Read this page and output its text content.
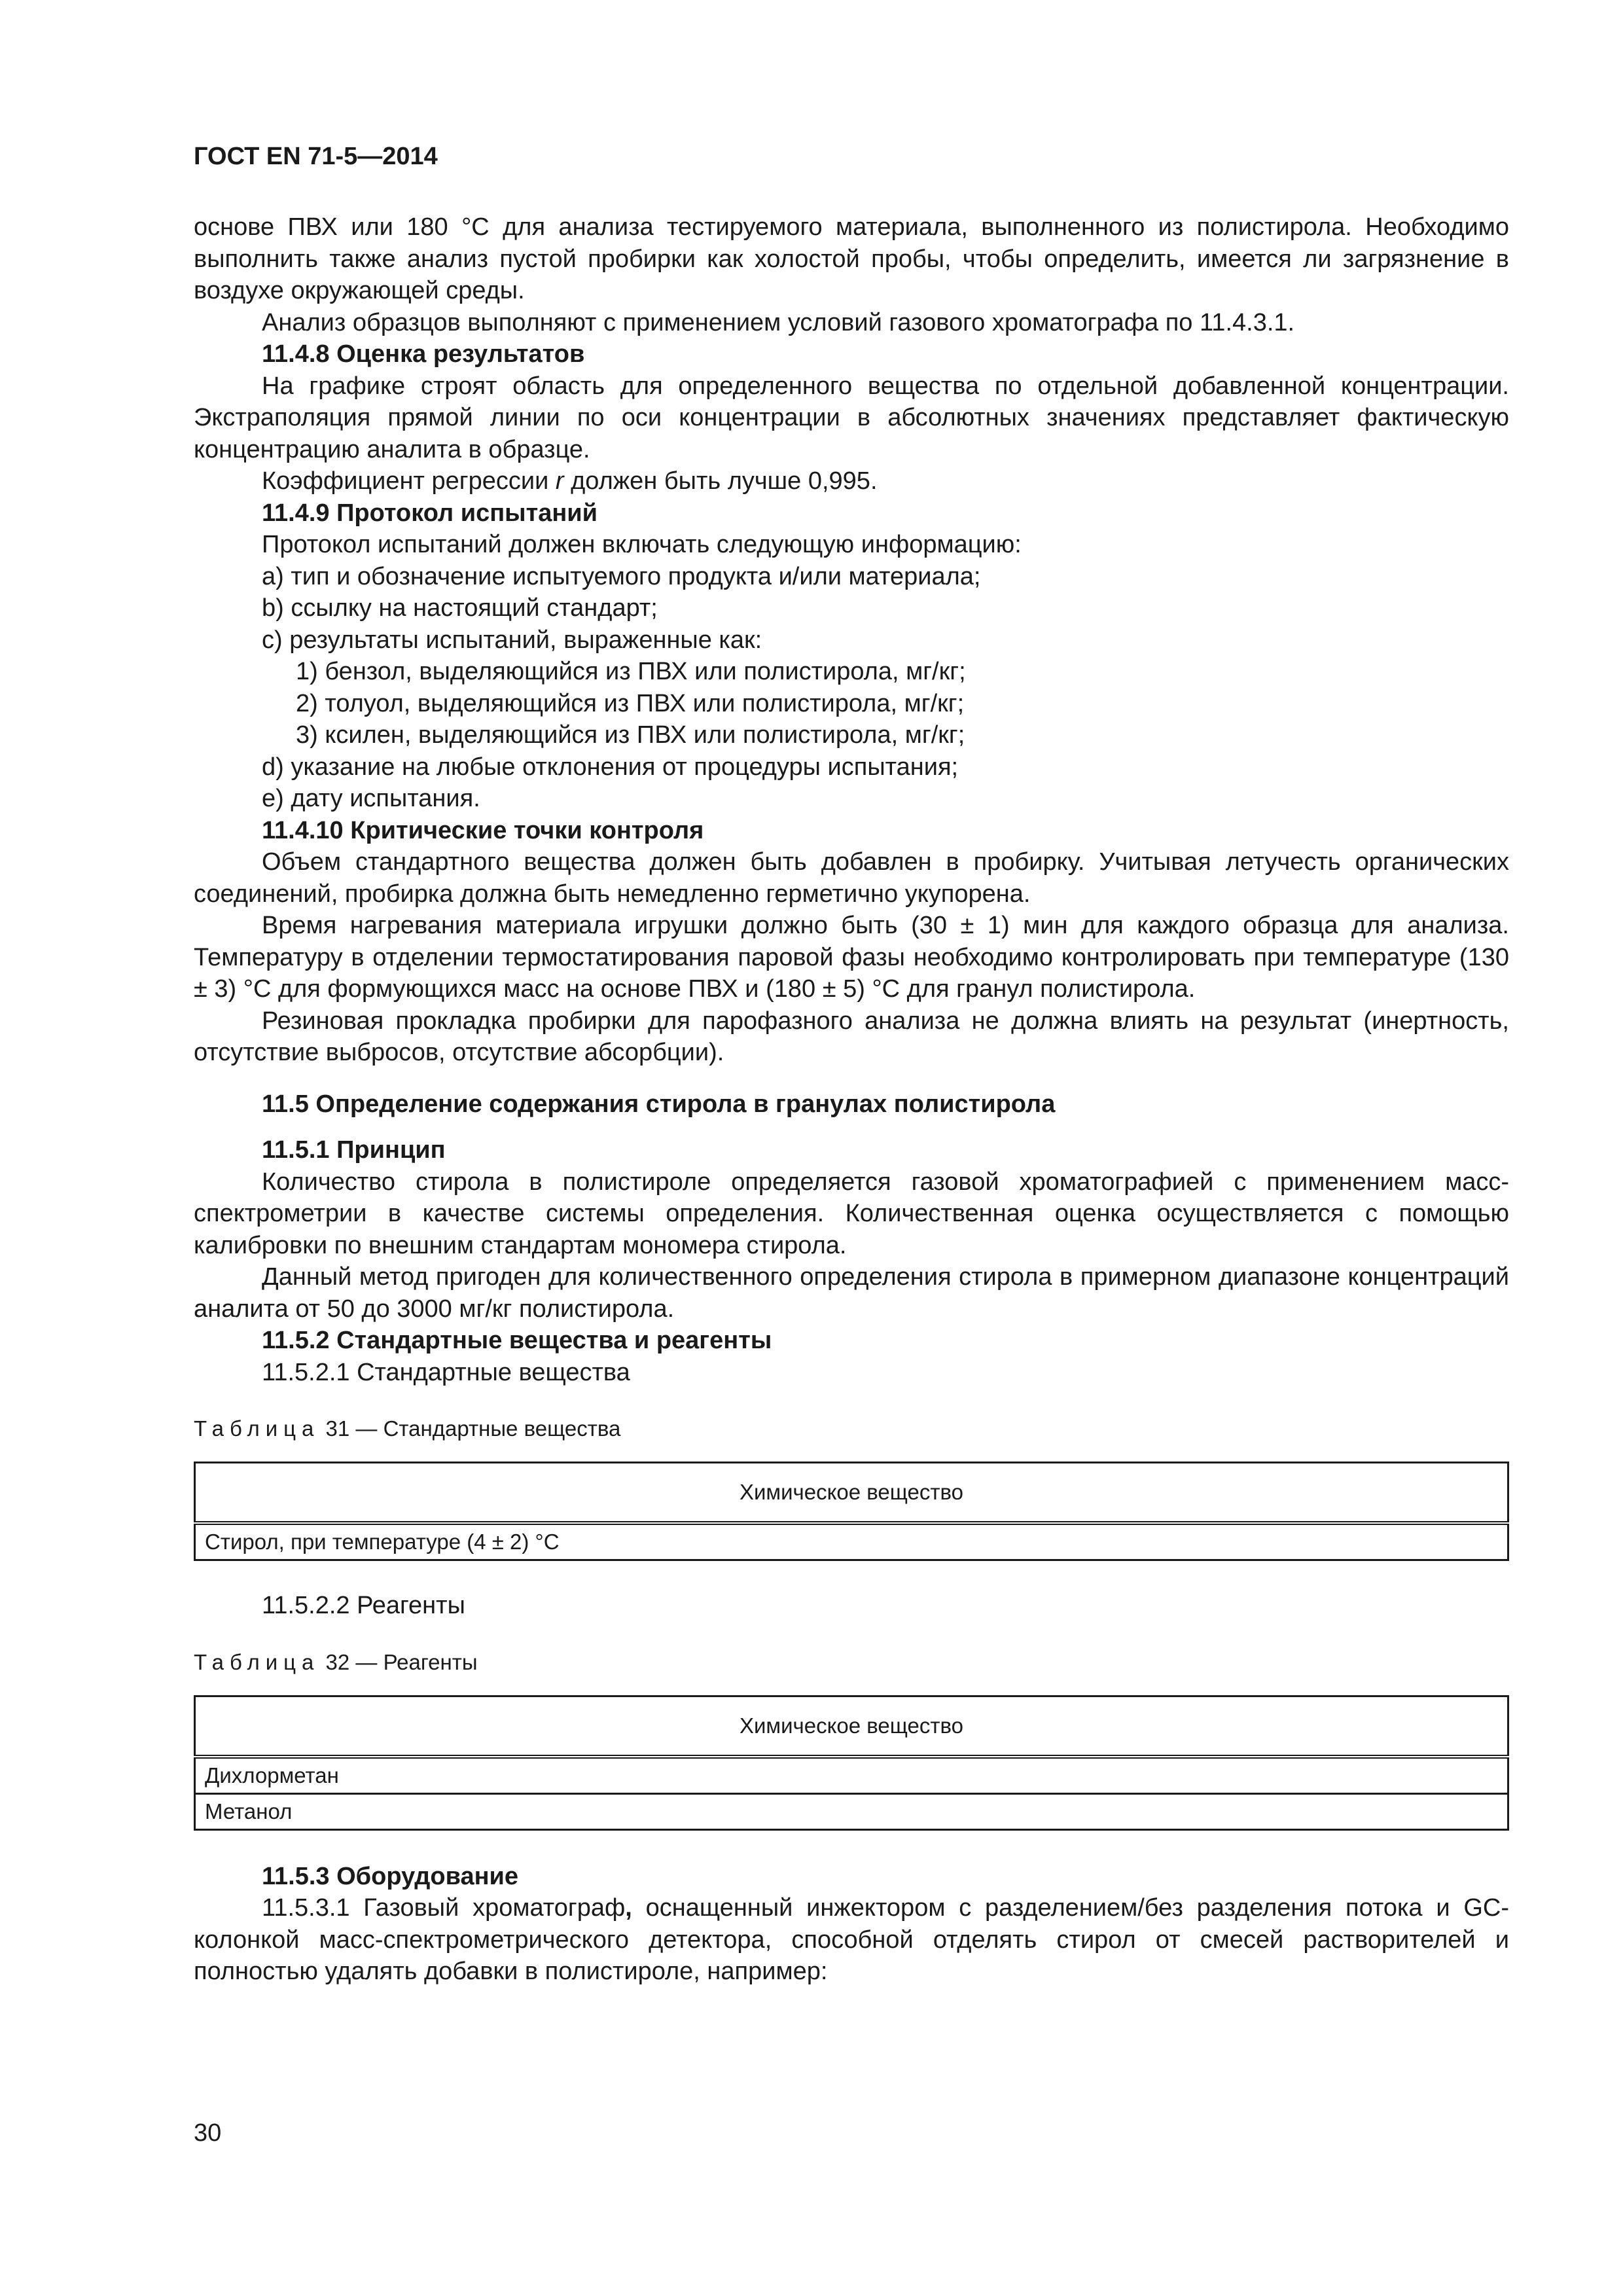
ГОСТ EN 71-5—2014

основе ПВХ или 180 °С для анализа тестируемого материала, выполненного из полистирола. Необходимо выполнить также анализ пустой пробирки как холостой пробы, чтобы определить, имеется ли загрязнение в воздухе окружающей среды.

Анализ образцов выполняют с применением условий газового хроматографа по 11.4.3.1.

11.4.8 Оценка результатов

На графике строят область для определенного вещества по отдельной добавленной концентрации. Экстраполяция прямой линии по оси концентрации в абсолютных значениях представляет фактическую концентрацию аналита в образце.

Коэффициент регрессии r должен быть лучше 0,995.

11.4.9 Протокол испытаний

Протокол испытаний должен включать следующую информацию:

a) тип и обозначение испытуемого продукта и/или материала;

b) ссылку на настоящий стандарт;

c) результаты испытаний, выраженные как:

1) бензол, выделяющийся из ПВХ или полистирола, мг/кг;

2) толуол, выделяющийся из ПВХ или полистирола, мг/кг;

3) ксилен, выделяющийся из ПВХ или полистирола, мг/кг;

d) указание на любые отклонения от процедуры испытания;

e) дату испытания.

11.4.10 Критические точки контроля

Объем стандартного вещества должен быть добавлен в пробирку. Учитывая летучесть органических соединений, пробирка должна быть немедленно герметично укупорена.

Время нагревания материала игрушки должно быть (30 ± 1) мин для каждого образца для анализа. Температуру в отделении термостатирования паровой фазы необходимо контролировать при температуре (130 ± 3) °С для формующихся масс на основе ПВХ и (180 ± 5) °С для гранул полистирола.

Резиновая прокладка пробирки для парофазного анализа не должна влиять на результат (инертность, отсутствие выбросов, отсутствие абсорбции).

11.5 Определение содержания стирола в гранулах полистирола

11.5.1 Принцип

Количество стирола в полистироле определяется газовой хроматографией с применением масс-спектрометрии в качестве системы определения. Количественная оценка осуществляется с помощью калибровки по внешним стандартам мономера стирола.

Данный метод пригоден для количественного определения стирола в примерном диапазоне концентраций аналита от 50 до 3000 мг/кг полистирола.

11.5.2 Стандартные вещества и реагенты

11.5.2.1 Стандартные вещества

Таблица 31 — Стандартные вещества
Химическое вещество
Стирол, при температуре (4 ± 2) °С

11.5.2.2 Реагенты

Таблица 32 — Реагенты
Химическое вещество
Дихлорметан
Метанол

11.5.3 Оборудование

11.5.3.1 Газовый хроматограф, оснащенный инжектором с разделением/без разделения потока и GC-колонкой масс-спектрометрического детектора, способной отделять стирол от смесей растворителей и полностью удалять добавки в полистироле, например:

30
